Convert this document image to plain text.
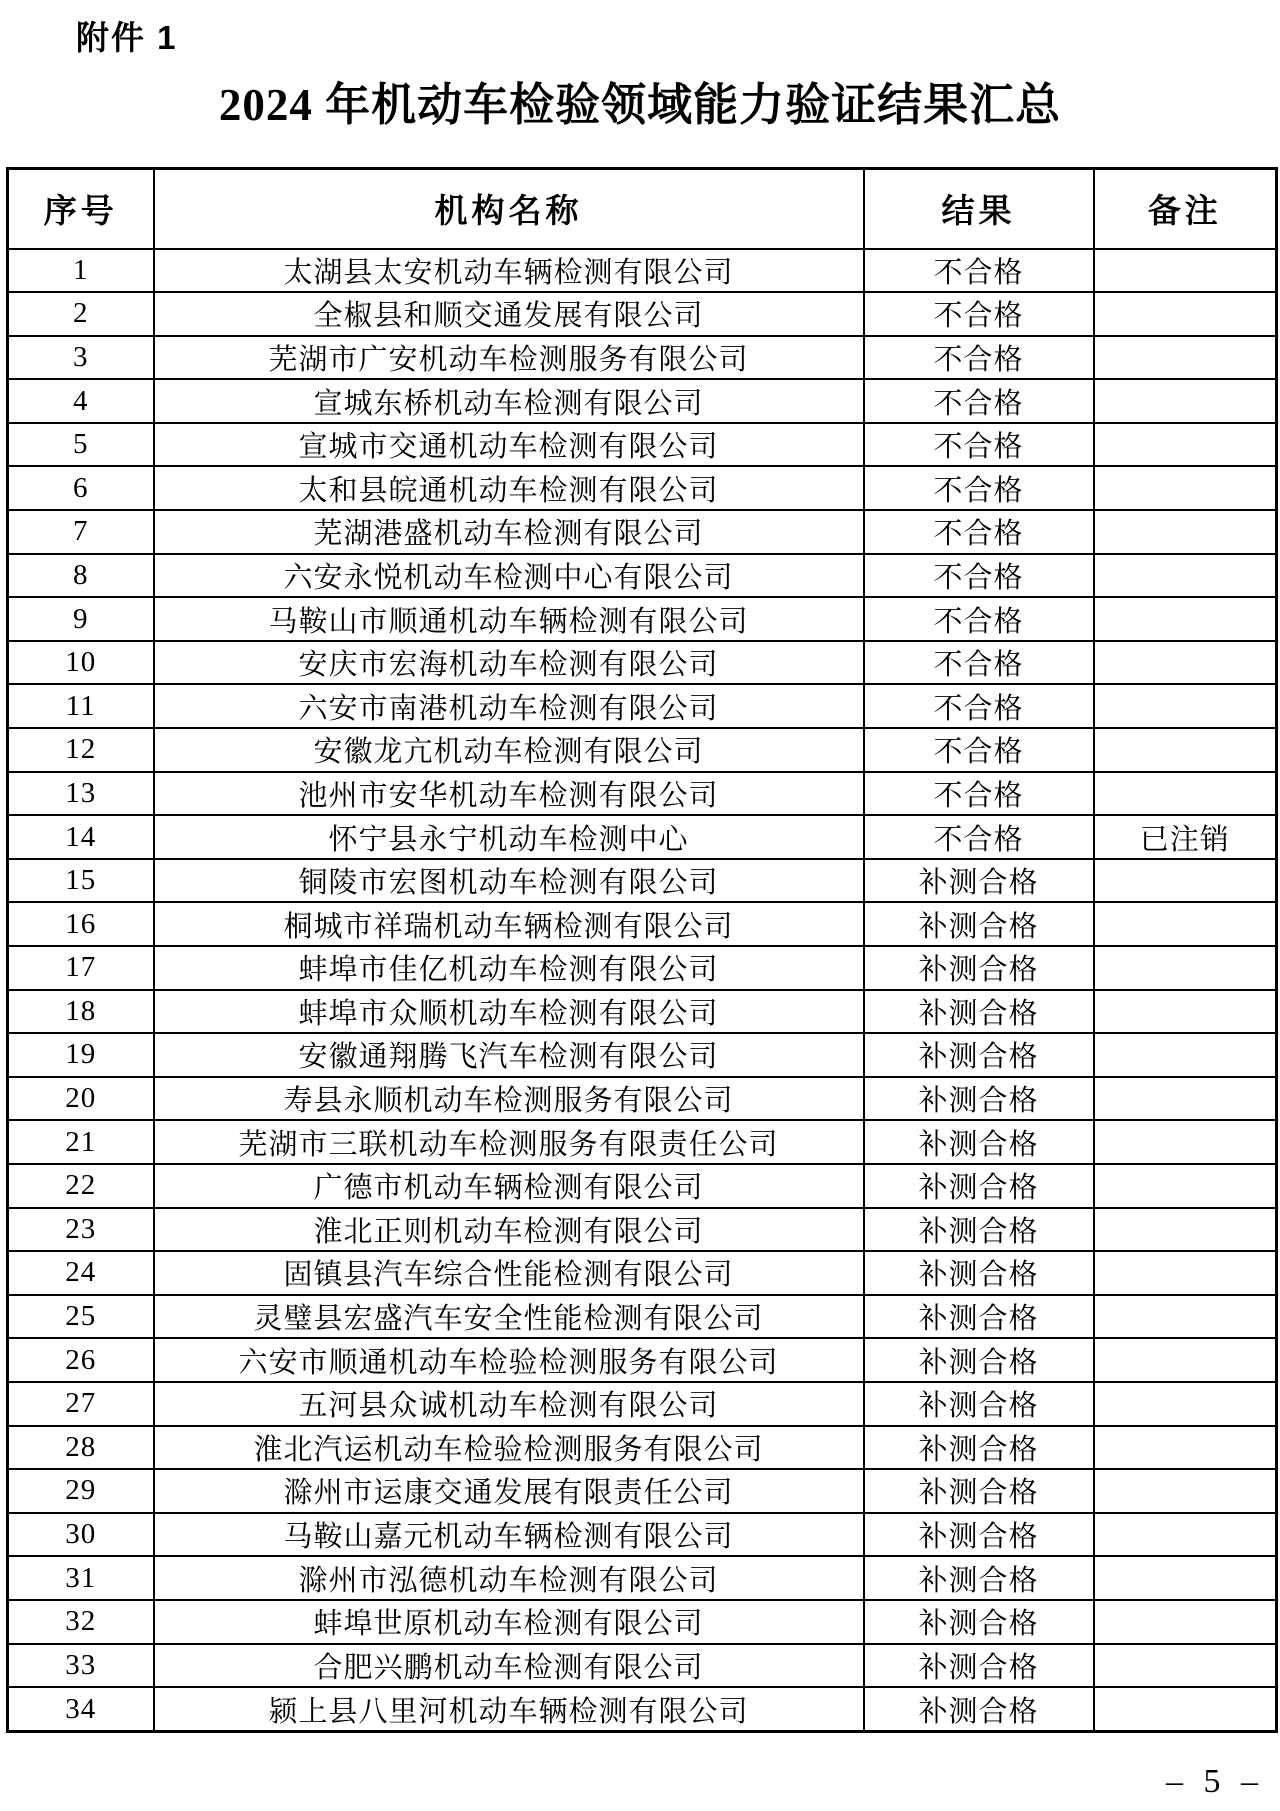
附件 1
2024 年机动车检验领域能力验证结果汇总
序号	机构名称	结果	备注
1	太湖县太安机动车辆检测有限公司	不合格	
2	全椒县和顺交通发展有限公司	不合格	
3	芜湖市广安机动车检测服务有限公司	不合格	
4	宣城东桥机动车检测有限公司	不合格	
5	宣城市交通机动车检测有限公司	不合格	
6	太和县皖通机动车检测有限公司	不合格	
7	芜湖港盛机动车检测有限公司	不合格	
8	六安永悦机动车检测中心有限公司	不合格	
9	马鞍山市顺通机动车辆检测有限公司	不合格	
10	安庆市宏海机动车检测有限公司	不合格	
11	六安市南港机动车检测有限公司	不合格	
12	安徽龙亢机动车检测有限公司	不合格	
13	池州市安华机动车检测有限公司	不合格	
14	怀宁县永宁机动车检测中心	不合格	已注销
15	铜陵市宏图机动车检测有限公司	补测合格	
16	桐城市祥瑞机动车辆检测有限公司	补测合格	
17	蚌埠市佳亿机动车检测有限公司	补测合格	
18	蚌埠市众顺机动车检测有限公司	补测合格	
19	安徽通翔腾飞汽车检测有限公司	补测合格	
20	寿县永顺机动车检测服务有限公司	补测合格	
21	芜湖市三联机动车检测服务有限责任公司	补测合格	
22	广德市机动车辆检测有限公司	补测合格	
23	淮北正则机动车检测有限公司	补测合格	
24	固镇县汽车综合性能检测有限公司	补测合格	
25	灵璧县宏盛汽车安全性能检测有限公司	补测合格	
26	六安市顺通机动车检验检测服务有限公司	补测合格	
27	五河县众诚机动车检测有限公司	补测合格	
28	淮北汽运机动车检验检测服务有限公司	补测合格	
29	滁州市运康交通发展有限责任公司	补测合格	
30	马鞍山嘉元机动车辆检测有限公司	补测合格	
31	滁州市泓德机动车检测有限公司	补测合格	
32	蚌埠世原机动车检测有限公司	补测合格	
33	合肥兴鹏机动车检测有限公司	补测合格	
34	颍上县八里河机动车辆检测有限公司	补测合格	
– 5 –
